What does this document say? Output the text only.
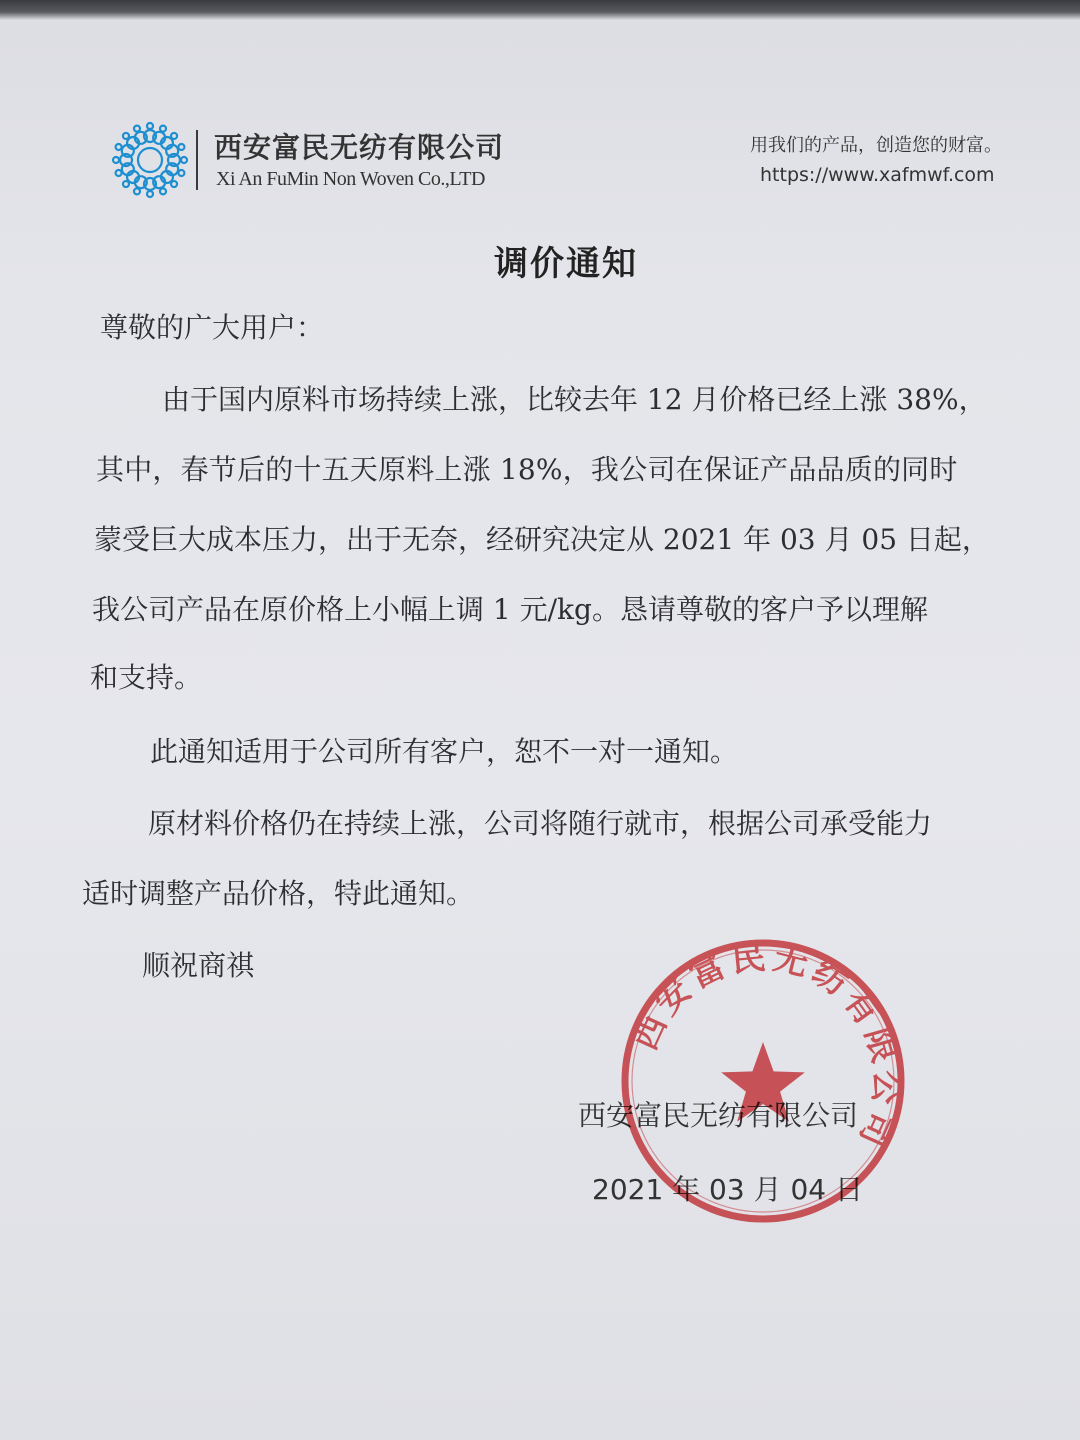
西安富民无纺有限公司
Xi An FuMin Non Woven Co.,LTD
用我们的产品，创造您的财富。
https://www.xafmwf.com
调价通知
尊敬的广大用户：
由于国内原料市场持续上涨，比较去年 12 月价格已经上涨 38%，
其中，春节后的十五天原料上涨 18%，我公司在保证产品品质的同时
蒙受巨大成本压力，出于无奈，经研究决定从 2021 年 03 月 05 日起，
我公司产品在原价格上小幅上调 1 元/kg。恳请尊敬的客户予以理解
和支持。
此通知适用于公司所有客户，恕不一对一通知。
原材料价格仍在持续上涨，公司将随行就市，根据公司承受能力
适时调整产品价格，特此通知。
顺祝商祺
西安富民无纺有限公司
2021 年 03 月 04 日
西安富民无纺有限公司
